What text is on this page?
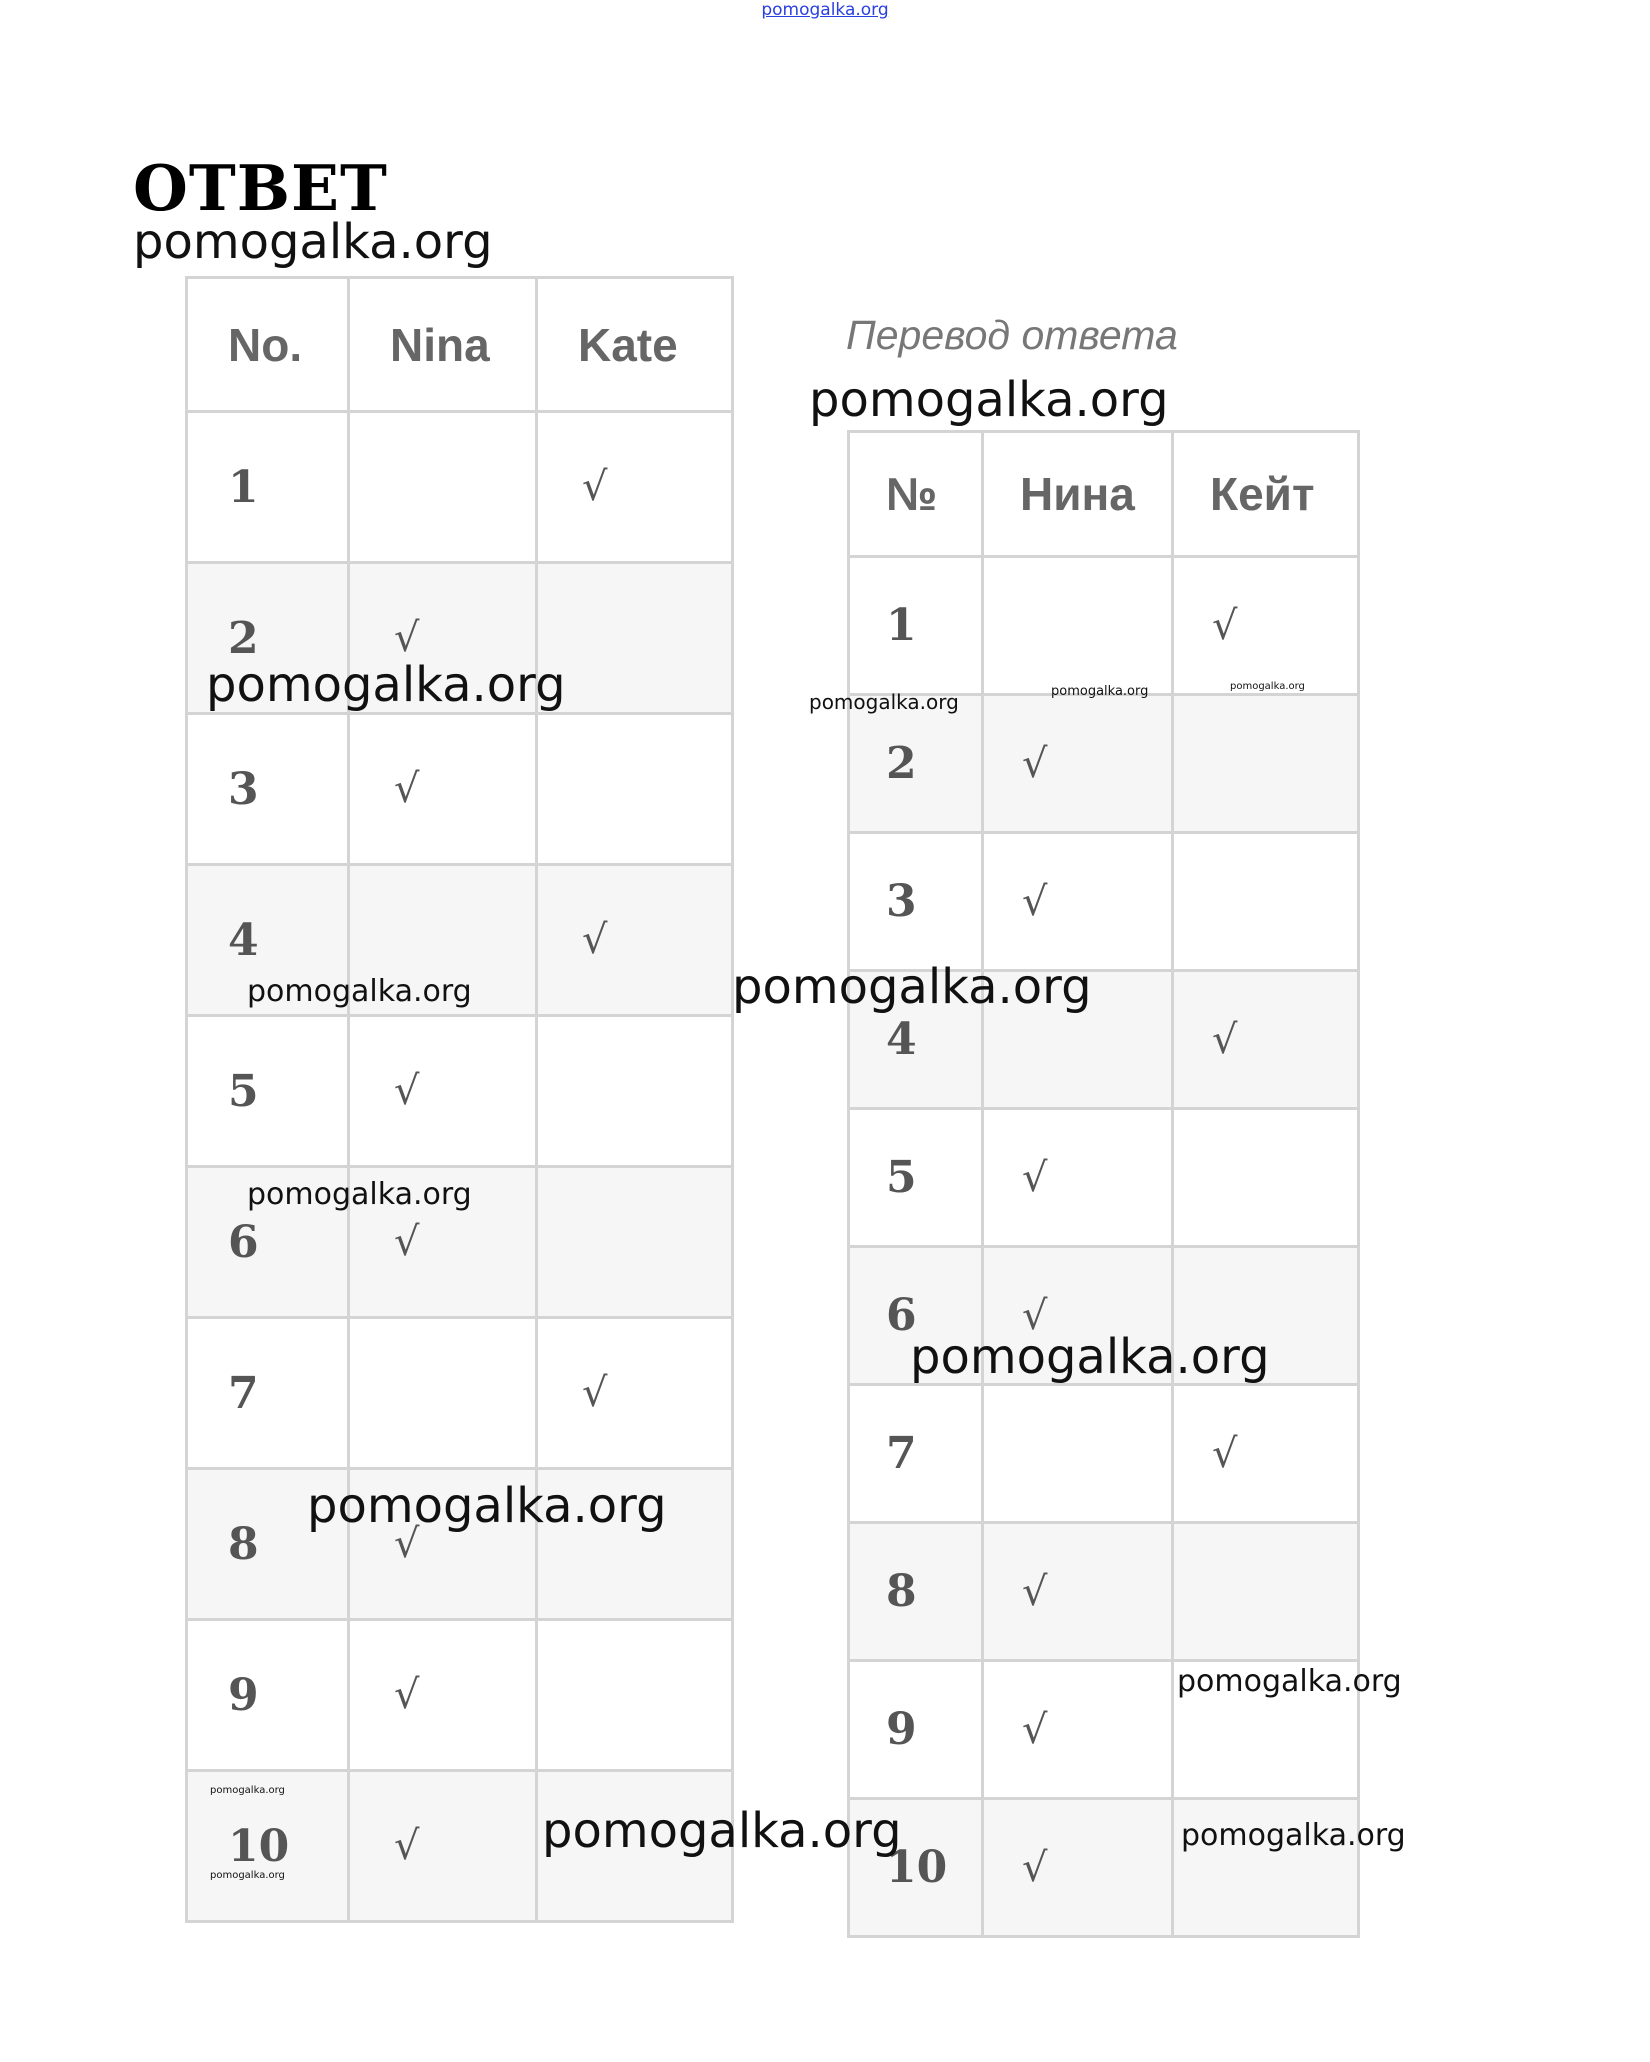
pomogalka.org
ОТВЕТ
Перевод ответа
No.	Nina	Kate
1		√
2	√	
3	√	
4		√
5	√	
6	√	
7		√
8	√	
9	√	
10	√	
№	Нина	Кейт
1		√
2	√	
3	√	
4		√
5	√	
6	√	
7		√
8	√	
9	√	
10	√	
pomogalka.org
pomogalka.org
pomogalka.org	pomogalka.org	pomogalka.org	pomogalka.org
pomogalka.org	pomogalka.org
pomogalka.org
pomogalka.org
pomogalka.org
pomogalka.org
pomogalka.org
pomogalka.org	pomogalka.org
pomogalka.org
